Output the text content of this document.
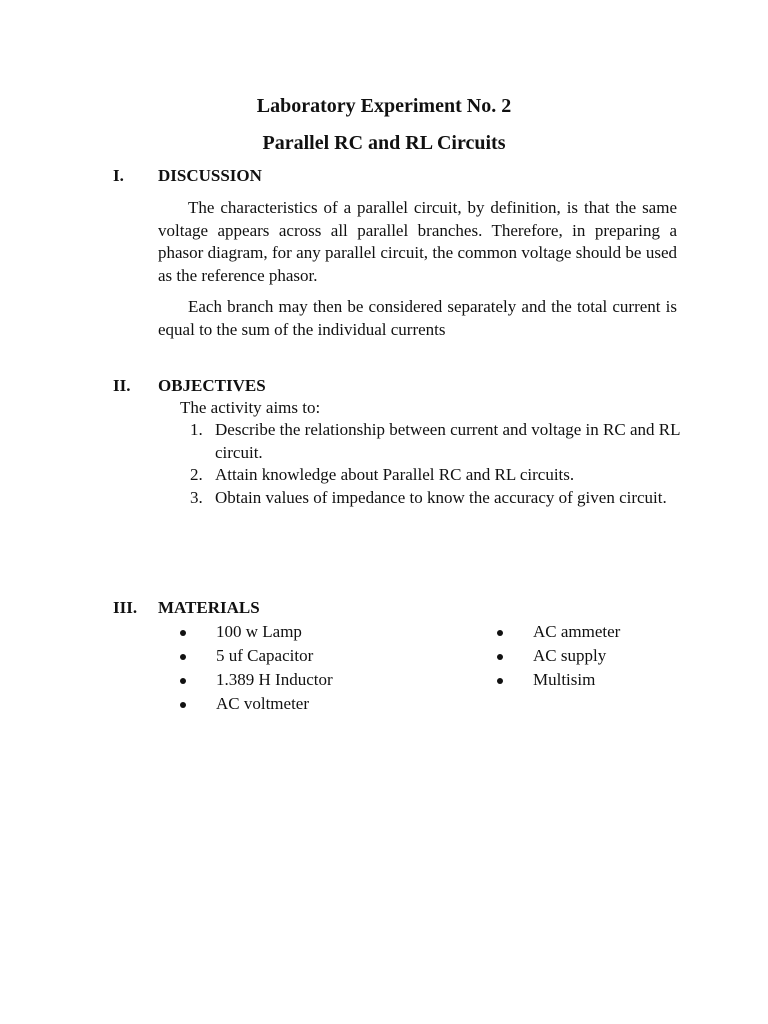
Laboratory Experiment No. 2
Parallel RC and RL Circuits
I. DISCUSSION

The characteristics of a parallel circuit, by definition, is that the same voltage appears across all parallel branches. Therefore, in preparing a phasor diagram, for any parallel circuit, the common voltage should be used as the reference phasor.

Each branch may then be considered separately and the total current is equal to the sum of the individual currents

II. OBJECTIVES
The activity aims to:
1. Describe the relationship between current and voltage in RC and RL circuit.
2. Attain knowledge about Parallel RC and RL circuits.
3. Obtain values of impedance to know the accuracy of given circuit.
III. MATERIALS
100 w Lamp
5 uf Capacitor
1.389 H Inductor
AC voltmeter
AC ammeter
AC supply
Multisim
